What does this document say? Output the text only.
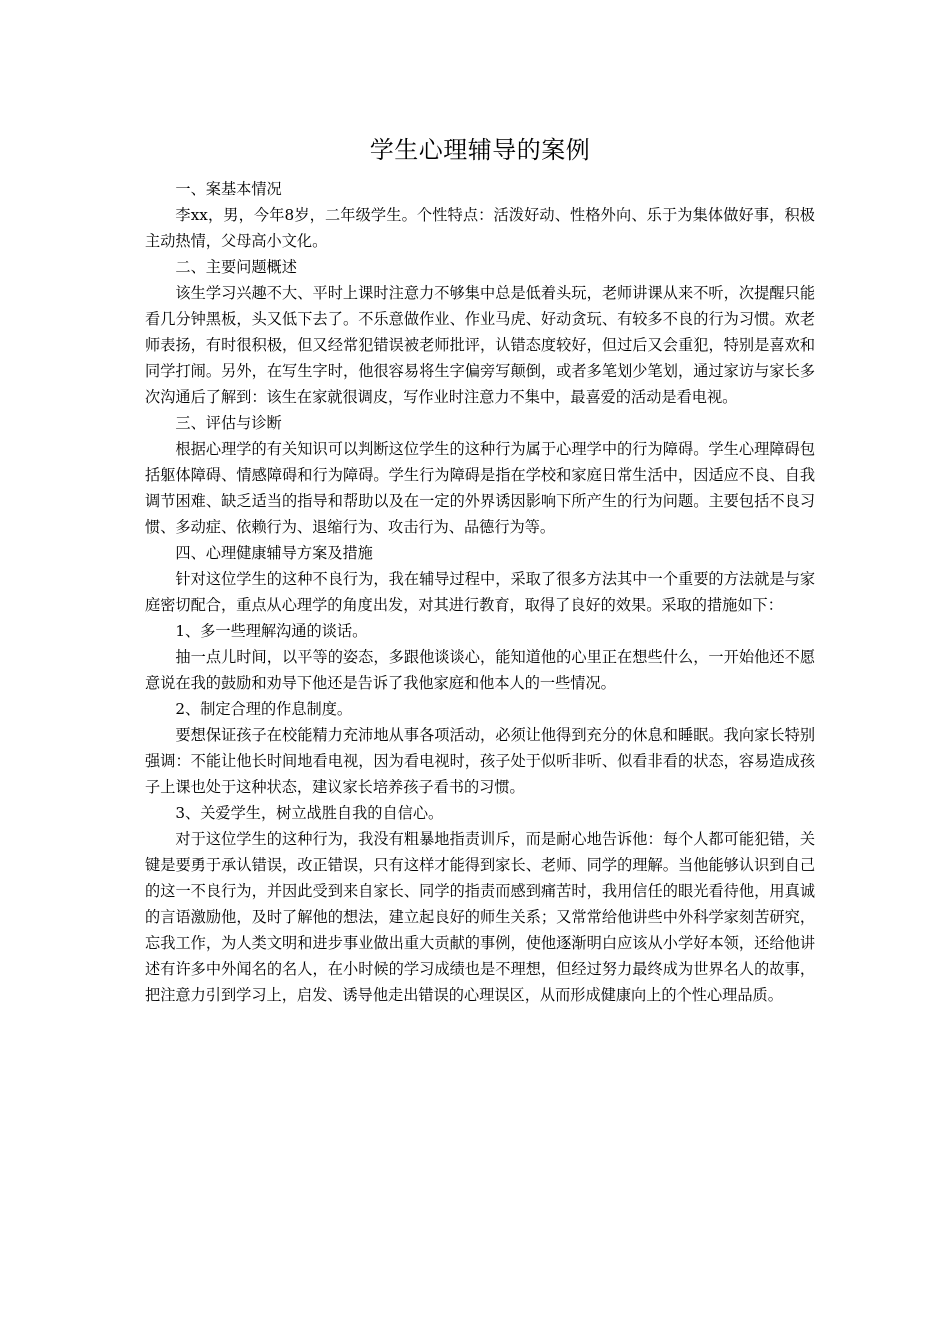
学生心理辅导的案例

一、案基本情况

李xx，男，今年8岁，二年级学生。个性特点：活泼好动、性格外向、乐于为集体做好事，积极主动热情，父母高小文化。

二、主要问题概述

该生学习兴趣不大、平时上课时注意力不够集中总是低着头玩，老师讲课从来不听，次提醒只能看几分钟黑板，头又低下去了。不乐意做作业、作业马虎、好动贪玩、有较多不良的行为习惯。欢老师表扬，有时很积极，但又经常犯错误被老师批评，认错态度较好，但过后又会重犯，特别是喜欢和同学打闹。另外，在写生字时，他很容易将生字偏旁写颠倒，或者多笔划少笔划，通过家访与家长多次沟通后了解到：该生在家就很调皮，写作业时注意力不集中，最喜爱的活动是看电视。

三、评估与诊断

根据心理学的有关知识可以判断这位学生的这种行为属于心理学中的行为障碍。学生心理障碍包括躯体障碍、情感障碍和行为障碍。学生行为障碍是指在学校和家庭日常生活中，因适应不良、自我调节困难、缺乏适当的指导和帮助以及在一定的外界诱因影响下所产生的行为问题。主要包括不良习惯、多动症、依赖行为、退缩行为、攻击行为、品德行为等。

四、心理健康辅导方案及措施

针对这位学生的这种不良行为，我在辅导过程中，采取了很多方法其中一个重要的方法就是与家庭密切配合，重点从心理学的角度出发，对其进行教育，取得了良好的效果。采取的措施如下：

1、多一些理解沟通的谈话。

抽一点儿时间，以平等的姿态，多跟他谈谈心，能知道他的心里正在想些什么，一开始他还不愿意说在我的鼓励和劝导下他还是告诉了我他家庭和他本人的一些情况。

2、制定合理的作息制度。

要想保证孩子在校能精力充沛地从事各项活动，必须让他得到充分的休息和睡眠。我向家长特别强调：不能让他长时间地看电视，因为看电视时，孩子处于似听非听、似看非看的状态，容易造成孩子上课也处于这种状态，建议家长培养孩子看书的习惯。

3、关爱学生，树立战胜自我的自信心。

对于这位学生的这种行为，我没有粗暴地指责训斥，而是耐心地告诉他：每个人都可能犯错，关键是要勇于承认错误，改正错误，只有这样才能得到家长、老师、同学的理解。当他能够认识到自己的这一不良行为，并因此受到来自家长、同学的指责而感到痛苦时，我用信任的眼光看待他，用真诚的言语激励他，及时了解他的想法，建立起良好的师生关系；又常常给他讲些中外科学家刻苦研究，忘我工作，为人类文明和进步事业做出重大贡献的事例，使他逐渐明白应该从小学好本领，还给他讲述有许多中外闻名的名人，在小时候的学习成绩也是不理想，但经过努力最终成为世界名人的故事，把注意力引到学习上，启发、诱导他走出错误的心理误区，从而形成健康向上的个性心理品质。
